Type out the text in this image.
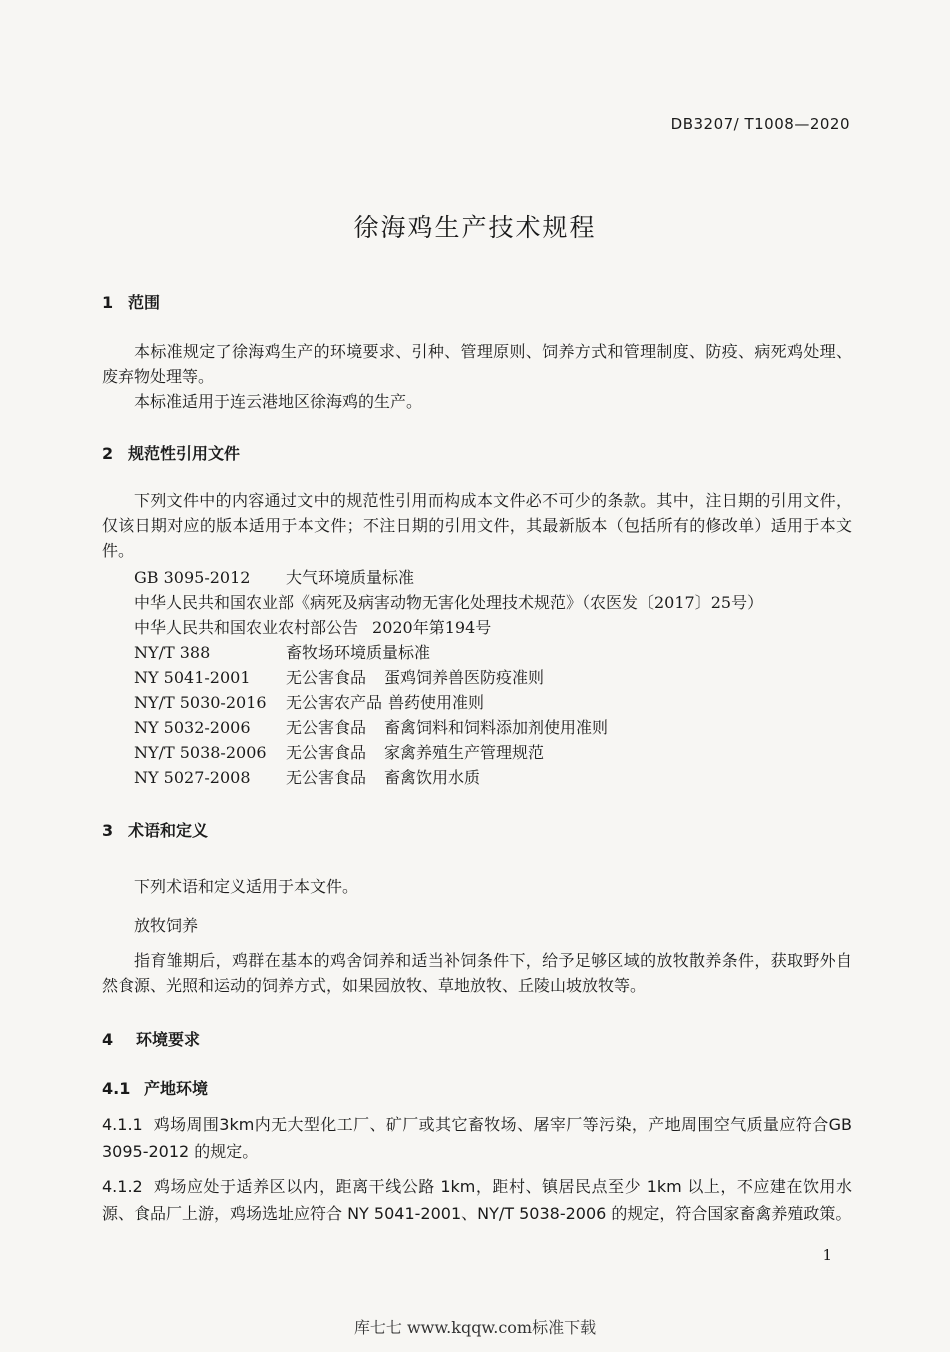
DB3207/ T1008—2020
徐海鸡生产技术规程
1 范围
本标准规定了徐海鸡生产的环境要求、引种、管理原则、饲养方式和管理制度、防疫、病死鸡处理、废弃物处理等。
本标准适用于连云港地区徐海鸡的生产。
2 规范性引用文件
下列文件中的内容通过文中的规范性引用而构成本文件必不可少的条款。其中，注日期的引用文件，仅该日期对应的版本适用于本文件；不注日期的引用文件，其最新版本（包括所有的修改单）适用于本文件。
GB 3095-2012 大气环境质量标准
中华人民共和国农业部《病死及病害动物无害化处理技术规范》（农医发〔2017〕25号）
中华人民共和国农业农村部公告 2020年第194号
NY/T 388	畜牧场环境质量标准
NY 5041-2001 无公害食品 蛋鸡饲养兽医防疫准则
NY/T 5030-2016 无公害农产品 兽药使用准则
NY 5032-2006 无公害食品 畜禽饲料和饲料添加剂使用准则
NY/T 5038-2006 无公害食品 家禽养殖生产管理规范
NY 5027-2008 无公害食品 畜禽饮用水质
3 术语和定义
下列术语和定义适用于本文件。
放牧饲养
指育雏期后，鸡群在基本的鸡舍饲养和适当补饲条件下，给予足够区域的放牧散养条件，获取野外自然食源、光照和运动的饲养方式，如果园放牧、草地放牧、丘陵山坡放牧等。
4 环境要求
4.1 产地环境
4.1.1 鸡场周围3km内无大型化工厂、矿厂或其它畜牧场、屠宰厂等污染，产地周围空气质量应符合GB 3095-2012 的规定。
4.1.2 鸡场应处于适养区以内，距离干线公路 1km，距村、镇居民点至少 1km 以上，不应建在饮用水源、食品厂上游，鸡场选址应符合 NY 5041-2001、NY/T 5038-2006 的规定，符合国家畜禽养殖政策。
1
库七七 www.kqqw.com标准下载
